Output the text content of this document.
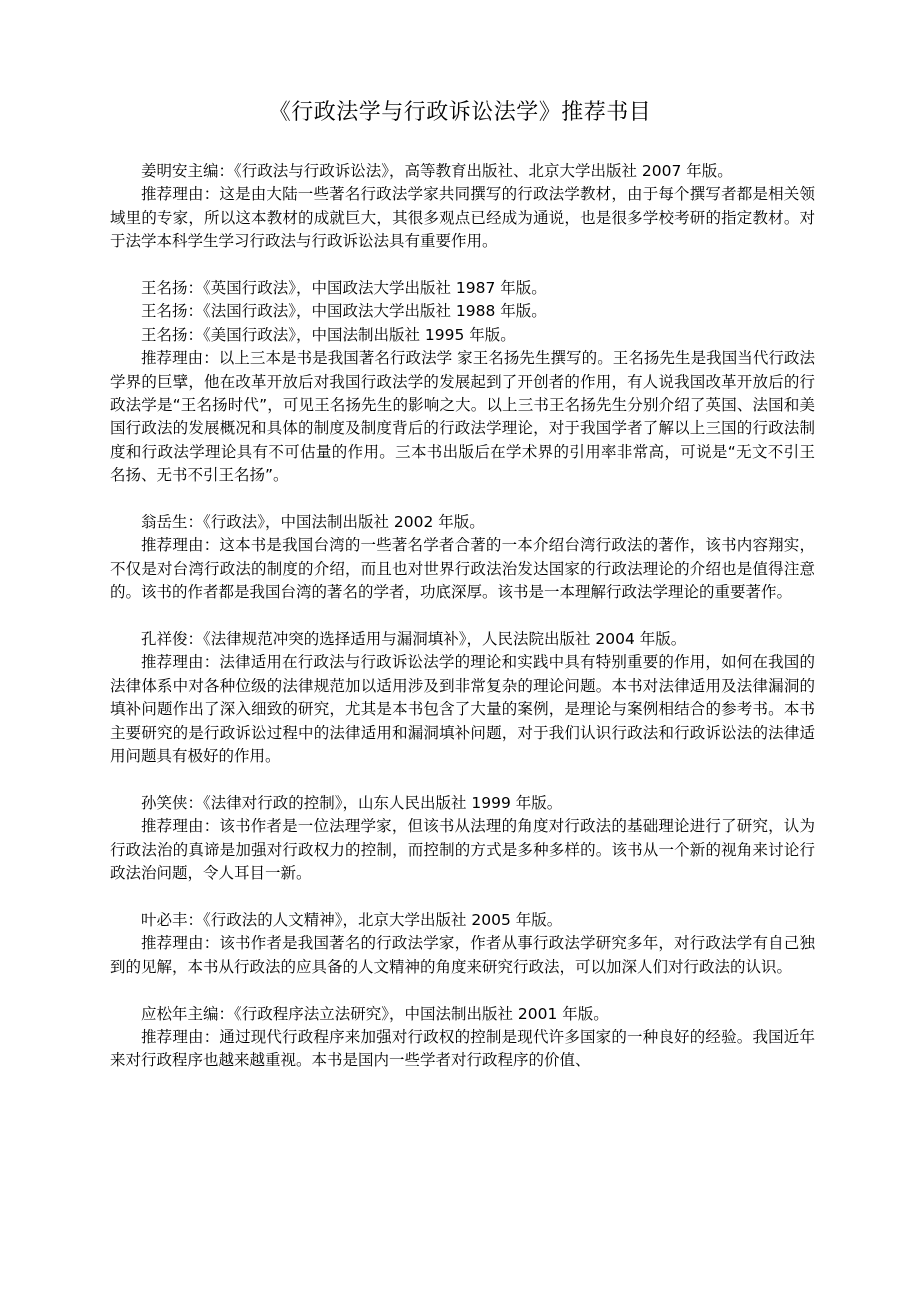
《行政法学与行政诉讼法学》推荐书目

姜明安主编：《行政法与行政诉讼法》，高等教育出版社、北京大学出版社 2007 年版。

推荐理由：这是由大陆一些著名行政法学家共同撰写的行政法学教材，由于每个撰写者都是相关领域里的专家，所以这本教材的成就巨大，其很多观点已经成为通说，也是很多学校考研的指定教材。对于法学本科学生学习行政法与行政诉讼法具有重要作用。

王名扬：《英国行政法》，中国政法大学出版社 1987 年版。

王名扬：《法国行政法》，中国政法大学出版社 1988 年版。

王名扬：《美国行政法》，中国法制出版社 1995 年版。

推荐理由：以上三本是书是我国著名行政法学 家王名扬先生撰写的。王名扬先生是我国当代行政法学界的巨擘，他在改革开放后对我国行政法学的发展起到了开创者的作用，有人说我国改革开放后的行政法学是“王名扬时代”，可见王名扬先生的影响之大。以上三书王名扬先生分别介绍了英国、法国和美国行政法的发展概况和具体的制度及制度背后的行政法学理论，对于我国学者了解以上三国的行政法制度和行政法学理论具有不可估量的作用。三本书出版后在学术界的引用率非常高，可说是“无文不引王名扬、无书不引王名扬”。

翁岳生：《行政法》，中国法制出版社 2002 年版。

推荐理由：这本书是我国台湾的一些著名学者合著的一本介绍台湾行政法的著作，该书内容翔实，不仅是对台湾行政法的制度的介绍，而且也对世界行政法治发达国家的行政法理论的介绍也是值得注意的。该书的作者都是我国台湾的著名的学者，功底深厚。该书是一本理解行政法学理论的重要著作。

孔祥俊：《法律规范冲突的选择适用与漏洞填补》，人民法院出版社 2004 年版。

推荐理由：法律适用在行政法与行政诉讼法学的理论和实践中具有特别重要的作用，如何在我国的法律体系中对各种位级的法律规范加以适用涉及到非常复杂的理论问题。本书对法律适用及法律漏洞的填补问题作出了深入细致的研究，尤其是本书包含了大量的案例，是理论与案例相结合的参考书。本书主要研究的是行政诉讼过程中的法律适用和漏洞填补问题，对于我们认识行政法和行政诉讼法的法律适用问题具有极好的作用。

孙笑侠：《法律对行政的控制》，山东人民出版社 1999 年版。

推荐理由：该书作者是一位法理学家，但该书从法理的角度对行政法的基础理论进行了研究，认为行政法治的真谛是加强对行政权力的控制，而控制的方式是多种多样的。该书从一个新的视角来讨论行政法治问题，令人耳目一新。

叶必丰：《行政法的人文精神》，北京大学出版社 2005 年版。

推荐理由：该书作者是我国著名的行政法学家，作者从事行政法学研究多年，对行政法学有自己独到的见解，本书从行政法的应具备的人文精神的角度来研究行政法，可以加深人们对行政法的认识。

应松年主编：《行政程序法立法研究》，中国法制出版社 2001 年版。

推荐理由：通过现代行政程序来加强对行政权的控制是现代许多国家的一种良好的经验。我国近年来对行政程序也越来越重视。本书是国内一些学者对行政程序的价值、
